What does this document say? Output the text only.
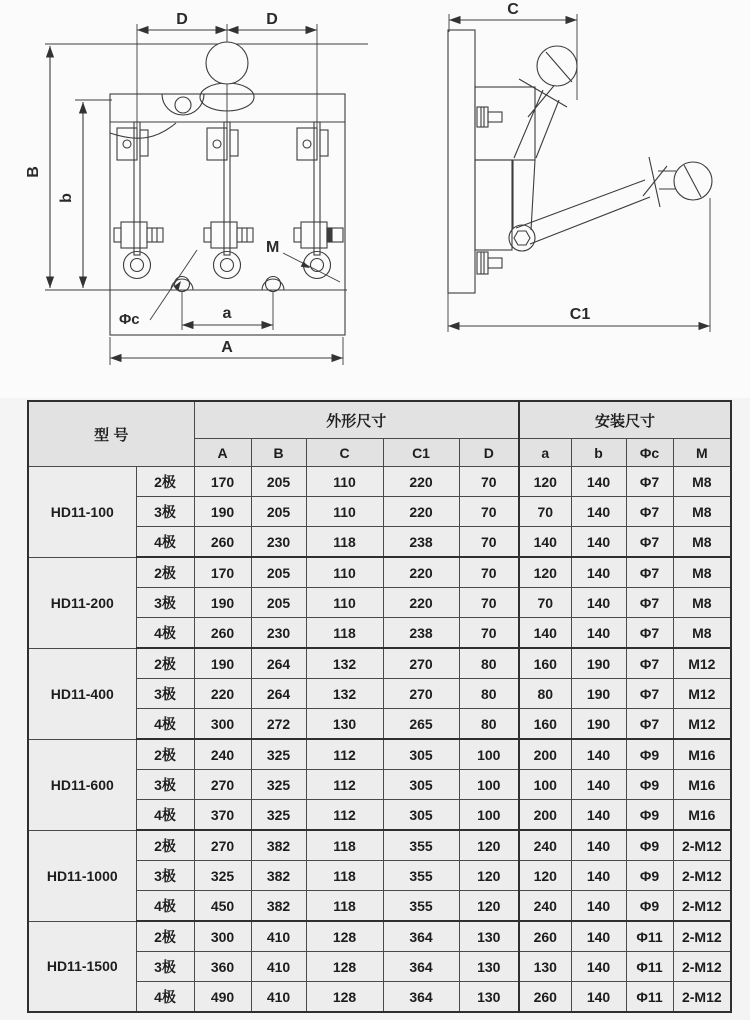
D	D
B
b
Φc	a
A
M
C
C1
型 号		外形尺寸					安装尺寸			
		A	B	C	C1	D	a	b	Φc	M
HD11-100	2极	170	205	110	220	70	120	140	Φ7	M8
	3极	190	205	110	220	70	70	140	Φ7	M8
	4极	260	230	118	238	70	140	140	Φ7	M8
HD11-200	2极	170	205	110	220	70	120	140	Φ7	M8
	3极	190	205	110	220	70	70	140	Φ7	M8
	4极	260	230	118	238	70	140	140	Φ7	M8
HD11-400	2极	190	264	132	270	80	160	190	Φ7	M12
	3极	220	264	132	270	80	80	190	Φ7	M12
	4极	300	272	130	265	80	160	190	Φ7	M12
HD11-600	2极	240	325	112	305	100	200	140	Φ9	M16
	3极	270	325	112	305	100	100	140	Φ9	M16
	4极	370	325	112	305	100	200	140	Φ9	M16
HD11-1000	2极	270	382	118	355	120	240	140	Φ9	2-M12
	3极	325	382	118	355	120	120	140	Φ9	2-M12
	4极	450	382	118	355	120	240	140	Φ9	2-M12
HD11-1500	2极	300	410	128	364	130	260	140	Φ11	2-M12
	3极	360	410	128	364	130	130	140	Φ11	2-M12
	4极	490	410	128	364	130	260	140	Φ11	2-M12
